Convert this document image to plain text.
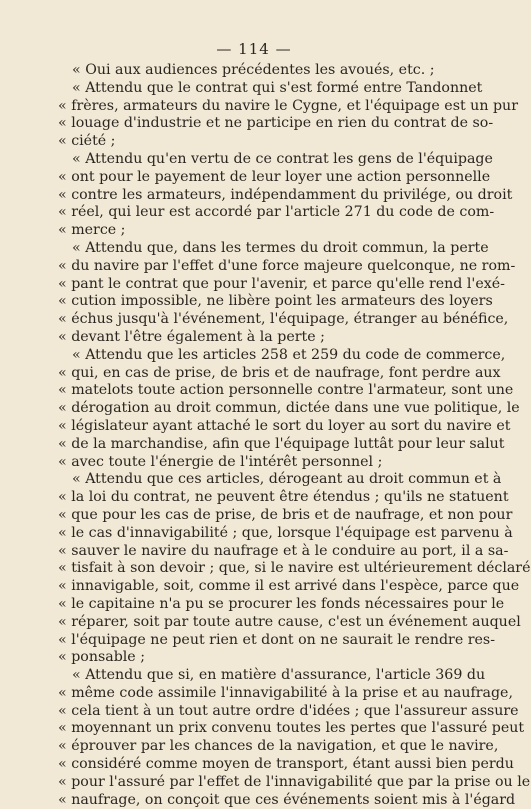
— 114 —
« Oui aux audiences précédentes les avoués, etc. ;
« Attendu que le contrat qui s'est formé entre Tandonnet
« frères, armateurs du navire le Cygne, et l'équipage est un pur
« louage d'industrie et ne participe en rien du contrat de so-
« ciété ;
« Attendu qu'en vertu de ce contrat les gens de l'équipage
« ont pour le payement de leur loyer une action personnelle
« contre les armateurs, indépendamment du privilége, ou droit
« réel, qui leur est accordé par l'article 271 du code de com-
« merce ;
« Attendu que, dans les termes du droit commun, la perte
« du navire par l'effet d'une force majeure quelconque, ne rom-
« pant le contrat que pour l'avenir, et parce qu'elle rend l'exé-
« cution impossible, ne libère point les armateurs des loyers
« échus jusqu'à l'événement, l'équipage, étranger au bénéfice,
« devant l'être également à la perte ;
« Attendu que les articles 258 et 259 du code de commerce,
« qui, en cas de prise, de bris et de naufrage, font perdre aux
« matelots toute action personnelle contre l'armateur, sont une
« dérogation au droit commun, dictée dans une vue politique, le
« législateur ayant attaché le sort du loyer au sort du navire et
« de la marchandise, afin que l'équipage luttât pour leur salut
« avec toute l'énergie de l'intérêt personnel ;
« Attendu que ces articles, dérogeant au droit commun et à
« la loi du contrat, ne peuvent être étendus ; qu'ils ne statuent
« que pour les cas de prise, de bris et de naufrage, et non pour
« le cas d'innavigabilité ; que, lorsque l'équipage est parvenu à
« sauver le navire du naufrage et à le conduire au port, il a sa-
« tisfait à son devoir ; que, si le navire est ultérieurement déclaré
« innavigable, soit, comme il est arrivé dans l'espèce, parce que
« le capitaine n'a pu se procurer les fonds nécessaires pour le
« réparer, soit par toute autre cause, c'est un événement auquel
« l'équipage ne peut rien et dont on ne saurait le rendre res-
« ponsable ;
« Attendu que si, en matière d'assurance, l'article 369 du
« même code assimile l'innavigabilité à la prise et au naufrage,
« cela tient à un tout autre ordre d'idées ; que l'assureur assure
« moyennant un prix convenu toutes les pertes que l'assuré peut
« éprouver par les chances de la navigation, et que le navire,
« considéré comme moyen de transport, étant aussi bien perdu
« pour l'assuré par l'effet de l'innavigabilité que par la prise ou le
« naufrage, on conçoit que ces événements soient mis à l'égard
